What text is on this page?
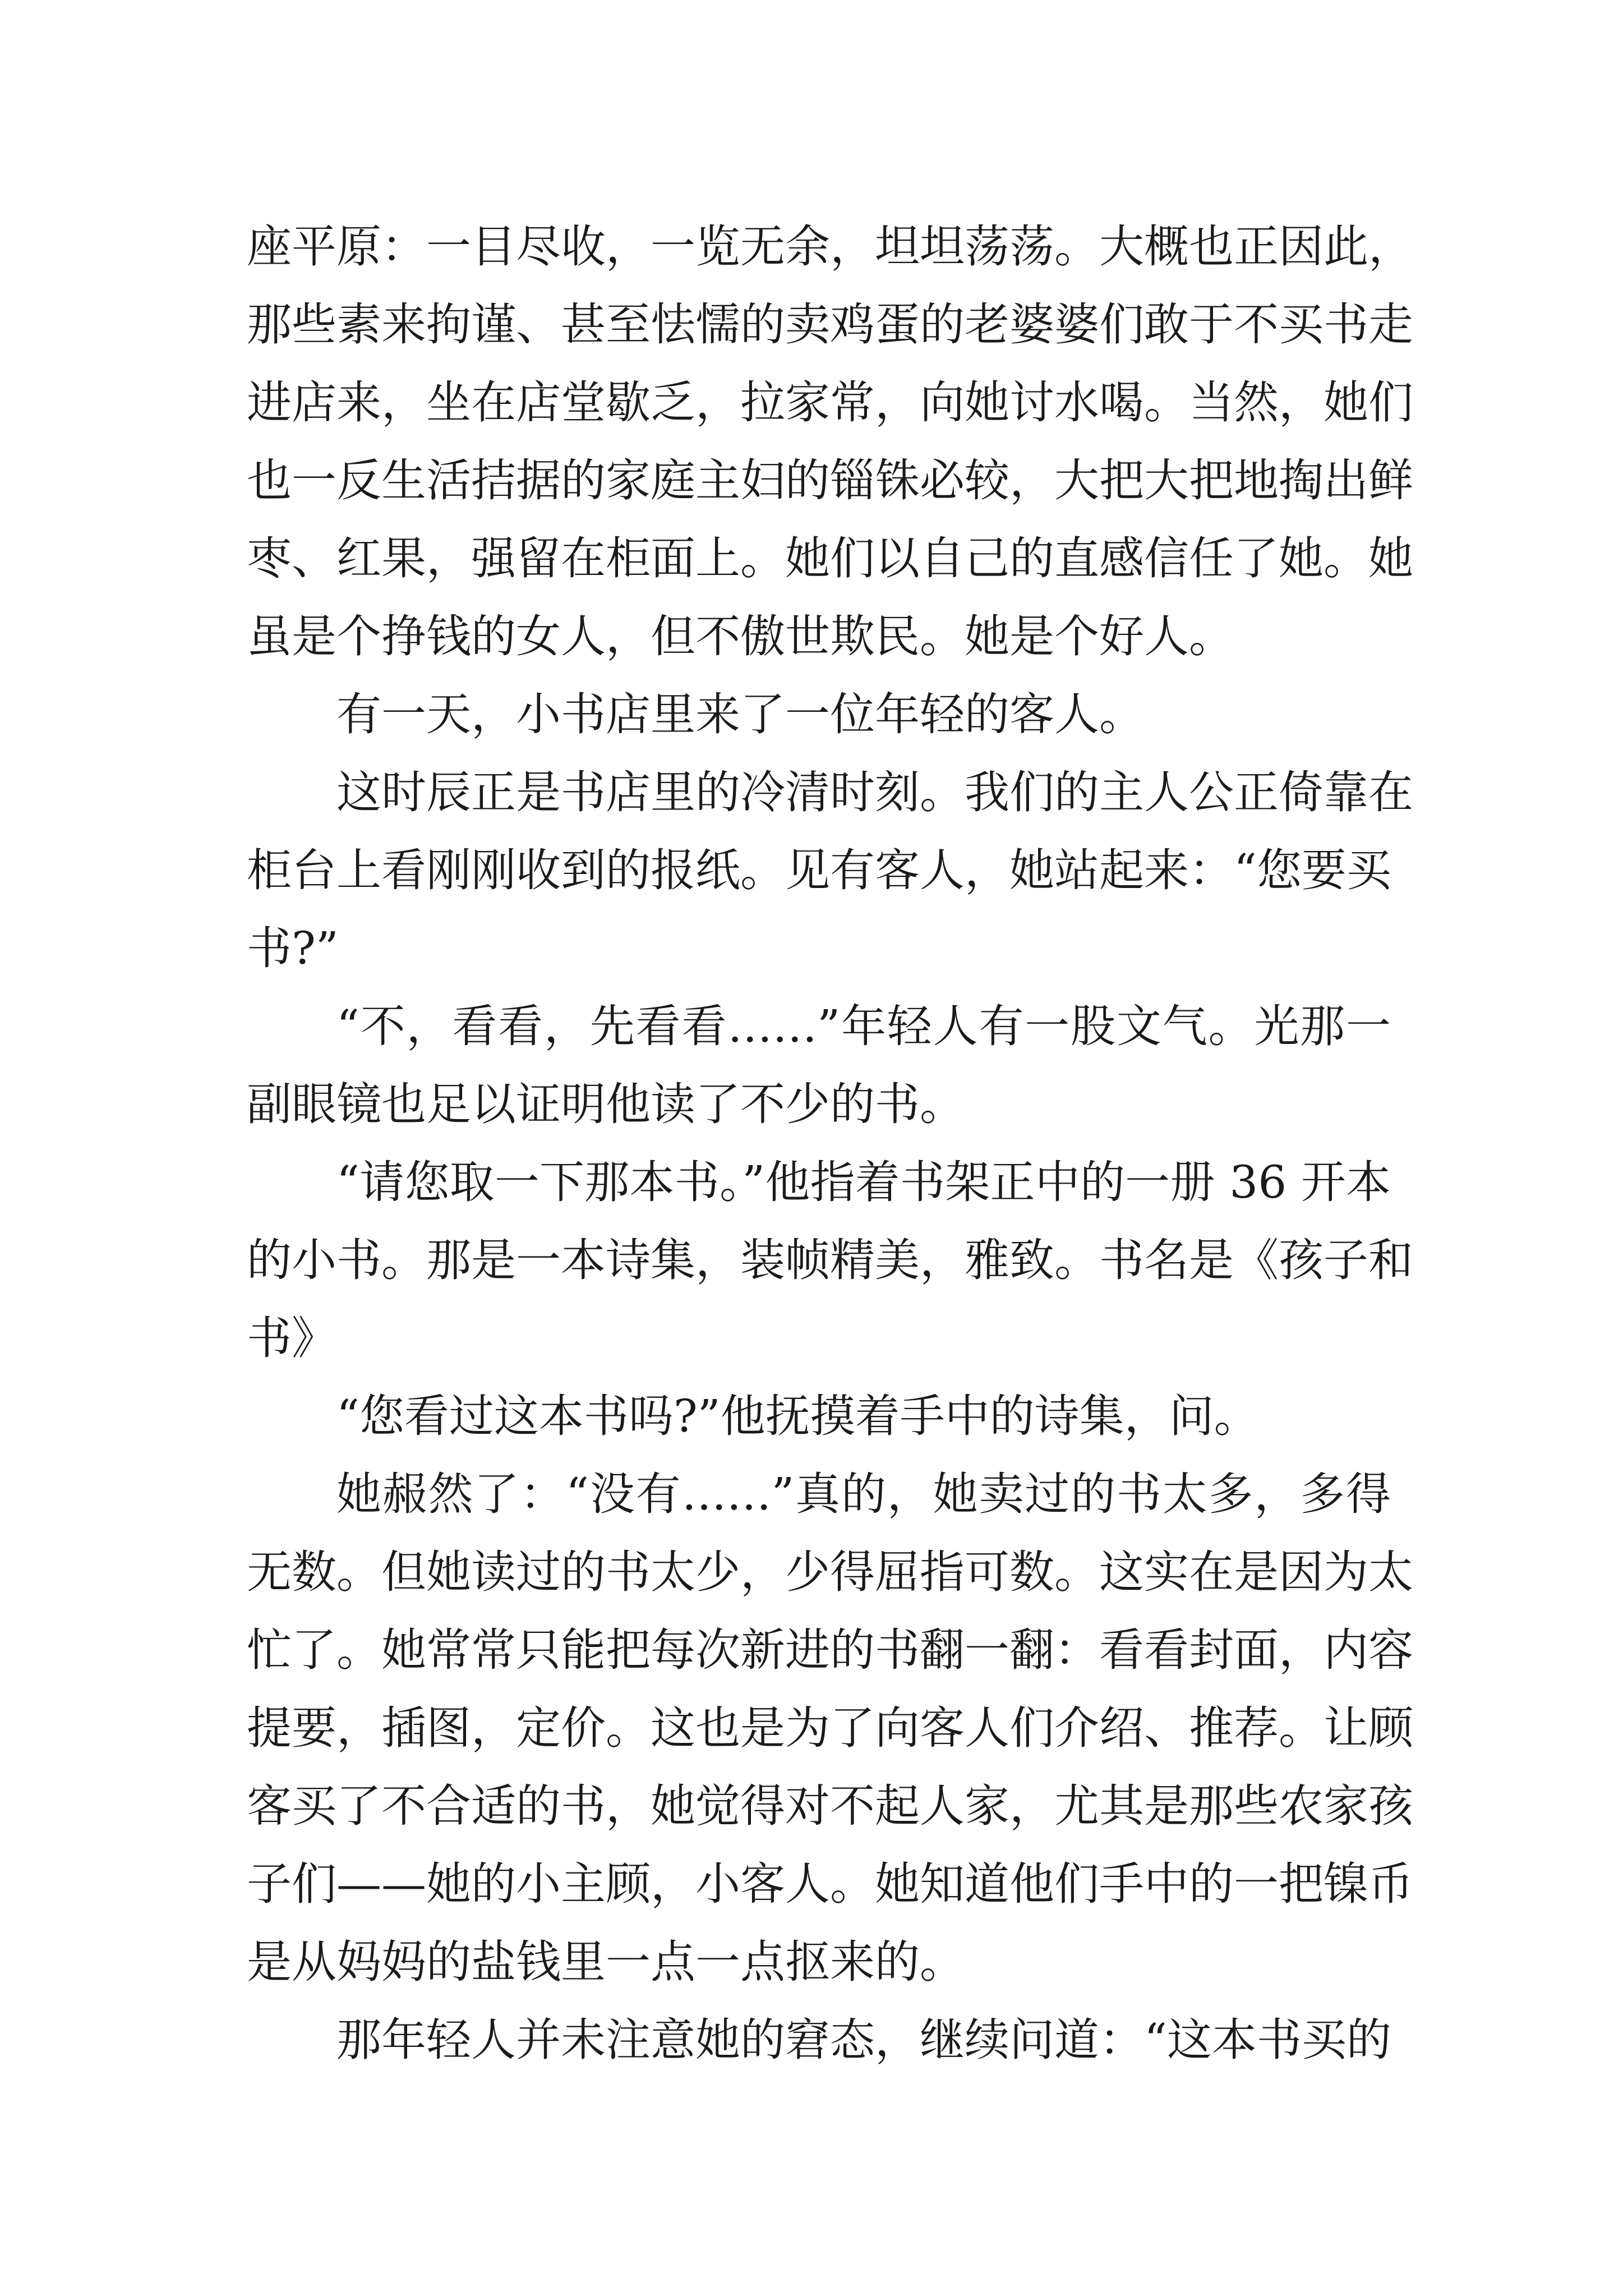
座平原：一目尽收，一览无余，坦坦荡荡。大概也正因此，
那些素来拘谨、甚至怯懦的卖鸡蛋的老婆婆们敢于不买书走
进店来，坐在店堂歇乏，拉家常，向她讨水喝。当然，她们
也一反生活拮据的家庭主妇的锱铢必较，大把大把地掏出鲜
枣、红果，强留在柜面上。她们以自己的直感信任了她。她
虽是个挣钱的女人，但不傲世欺民。她是个好人。
有一天，小书店里来了一位年轻的客人。
这时辰正是书店里的冷清时刻。我们的主人公正倚靠在
柜台上看刚刚收到的报纸。见有客人，她站起来：“您要买
书?”
“不，看看，先看看……”年轻人有一股文气。光那一
副眼镜也足以证明他读了不少的书。
“请您取一下那本书。”他指着书架正中的一册 36 开本
的小书。那是一本诗集，装帧精美，雅致。书名是《孩子和
书》
“您看过这本书吗?”他抚摸着手中的诗集，问。
她赧然了：“没有……”真的，她卖过的书太多，多得
无数。但她读过的书太少，少得屈指可数。这实在是因为太
忙了。她常常只能把每次新进的书翻一翻：看看封面，内容
提要，插图，定价。这也是为了向客人们介绍、推荐。让顾
客买了不合适的书，她觉得对不起人家，尤其是那些农家孩
子们——她的小主顾，小客人。她知道他们手中的一把镍币
是从妈妈的盐钱里一点一点抠来的。
那年轻人并未注意她的窘态，继续问道：“这本书买的
